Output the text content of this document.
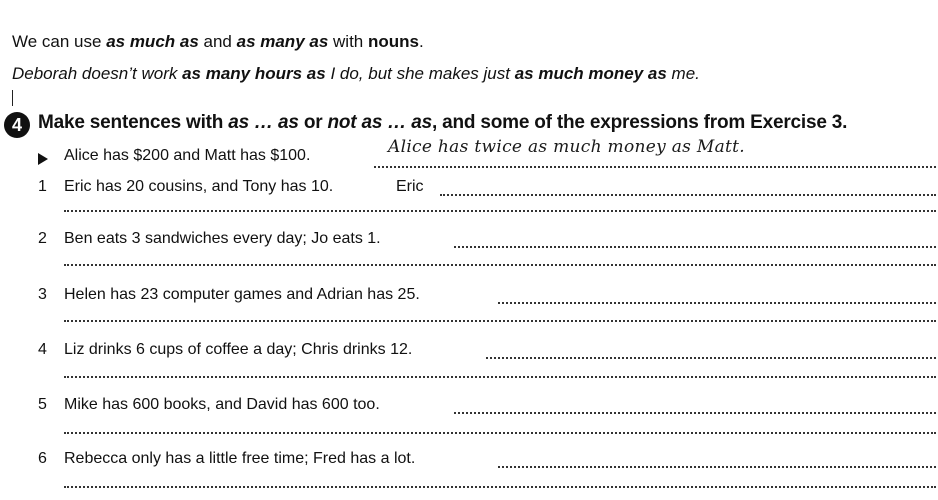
We can use as much as and as many as with nouns.
Deborah doesn’t work as many hours as I do, but she makes just as much money as me.
4 Make sentences with as … as or not as … as, and some of the expressions from Exercise 3.
Alice has $200 and Matt has $100.	Alice has twice as much money as Matt.
1 Eric has 20 cousins, and Tony has 10.	Eric
2 Ben eats 3 sandwiches every day; Jo eats 1.
3 Helen has 23 computer games and Adrian has 25.
4 Liz drinks 6 cups of coffee a day; Chris drinks 12.
5 Mike has 600 books, and David has 600 too.
6 Rebecca only has a little free time; Fred has a lot.
